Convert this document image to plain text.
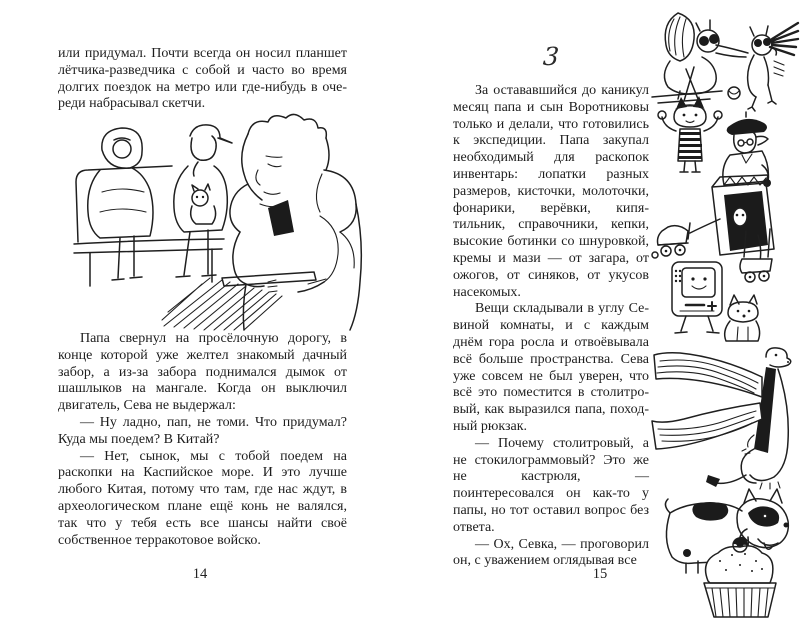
или придумал. Почти всегда он носил планшет лётчика-разведчика с собой и часто во время долгих поездок на метро или где-нибудь в очереди набрасывал скетчи.

Папа свернул на просёлочную дорогу, в конце которой уже желтел знакомый дачный забор, а из-за забора поднимался дымок от шашлыков на мангале. Когда он выключил двигатель, Сева не выдержал:

— Ну ладно, пап, не томи. Что придумал? Куда мы поедем? В Китай?

— Нет, сынок, мы с тобой поедем на раскопки на Каспийское море. И это лучше любого Китая, потому что там, где нас ждут, в археологическом плане ещё конь не валялся, так что у тебя есть все шансы найти своё собственное терракотовое войско.

14
3

За остававшийся до каникул месяц папа и сын Воротниковы только и делали, что готовились к экспедиции. Папа закупал необходимый для раскопок инвентарь: лопатки разных размеров, кисточки, молоточки, фонарики, верёвки, кипятильник, справочники, кепки, высокие ботинки со шнуровкой, кремы и мази — от загара, от ожогов, от синяков, от укусов насекомых.

Вещи складывали в углу Севиной комнаты, и с каждым днём гора росла и отвоёвывала всё больше пространства. Сева уже совсем не был уверен, что всё это поместится в столитровый, как выразился папа, походный рюкзак.

— Почему столитровый, а не стокилограммовый? Это же не кастрюля, — поинтересовался он как-то у папы, но тот оставил вопрос без ответа.

— Ох, Севка, — проговорил он, с уважением оглядывая все

15
